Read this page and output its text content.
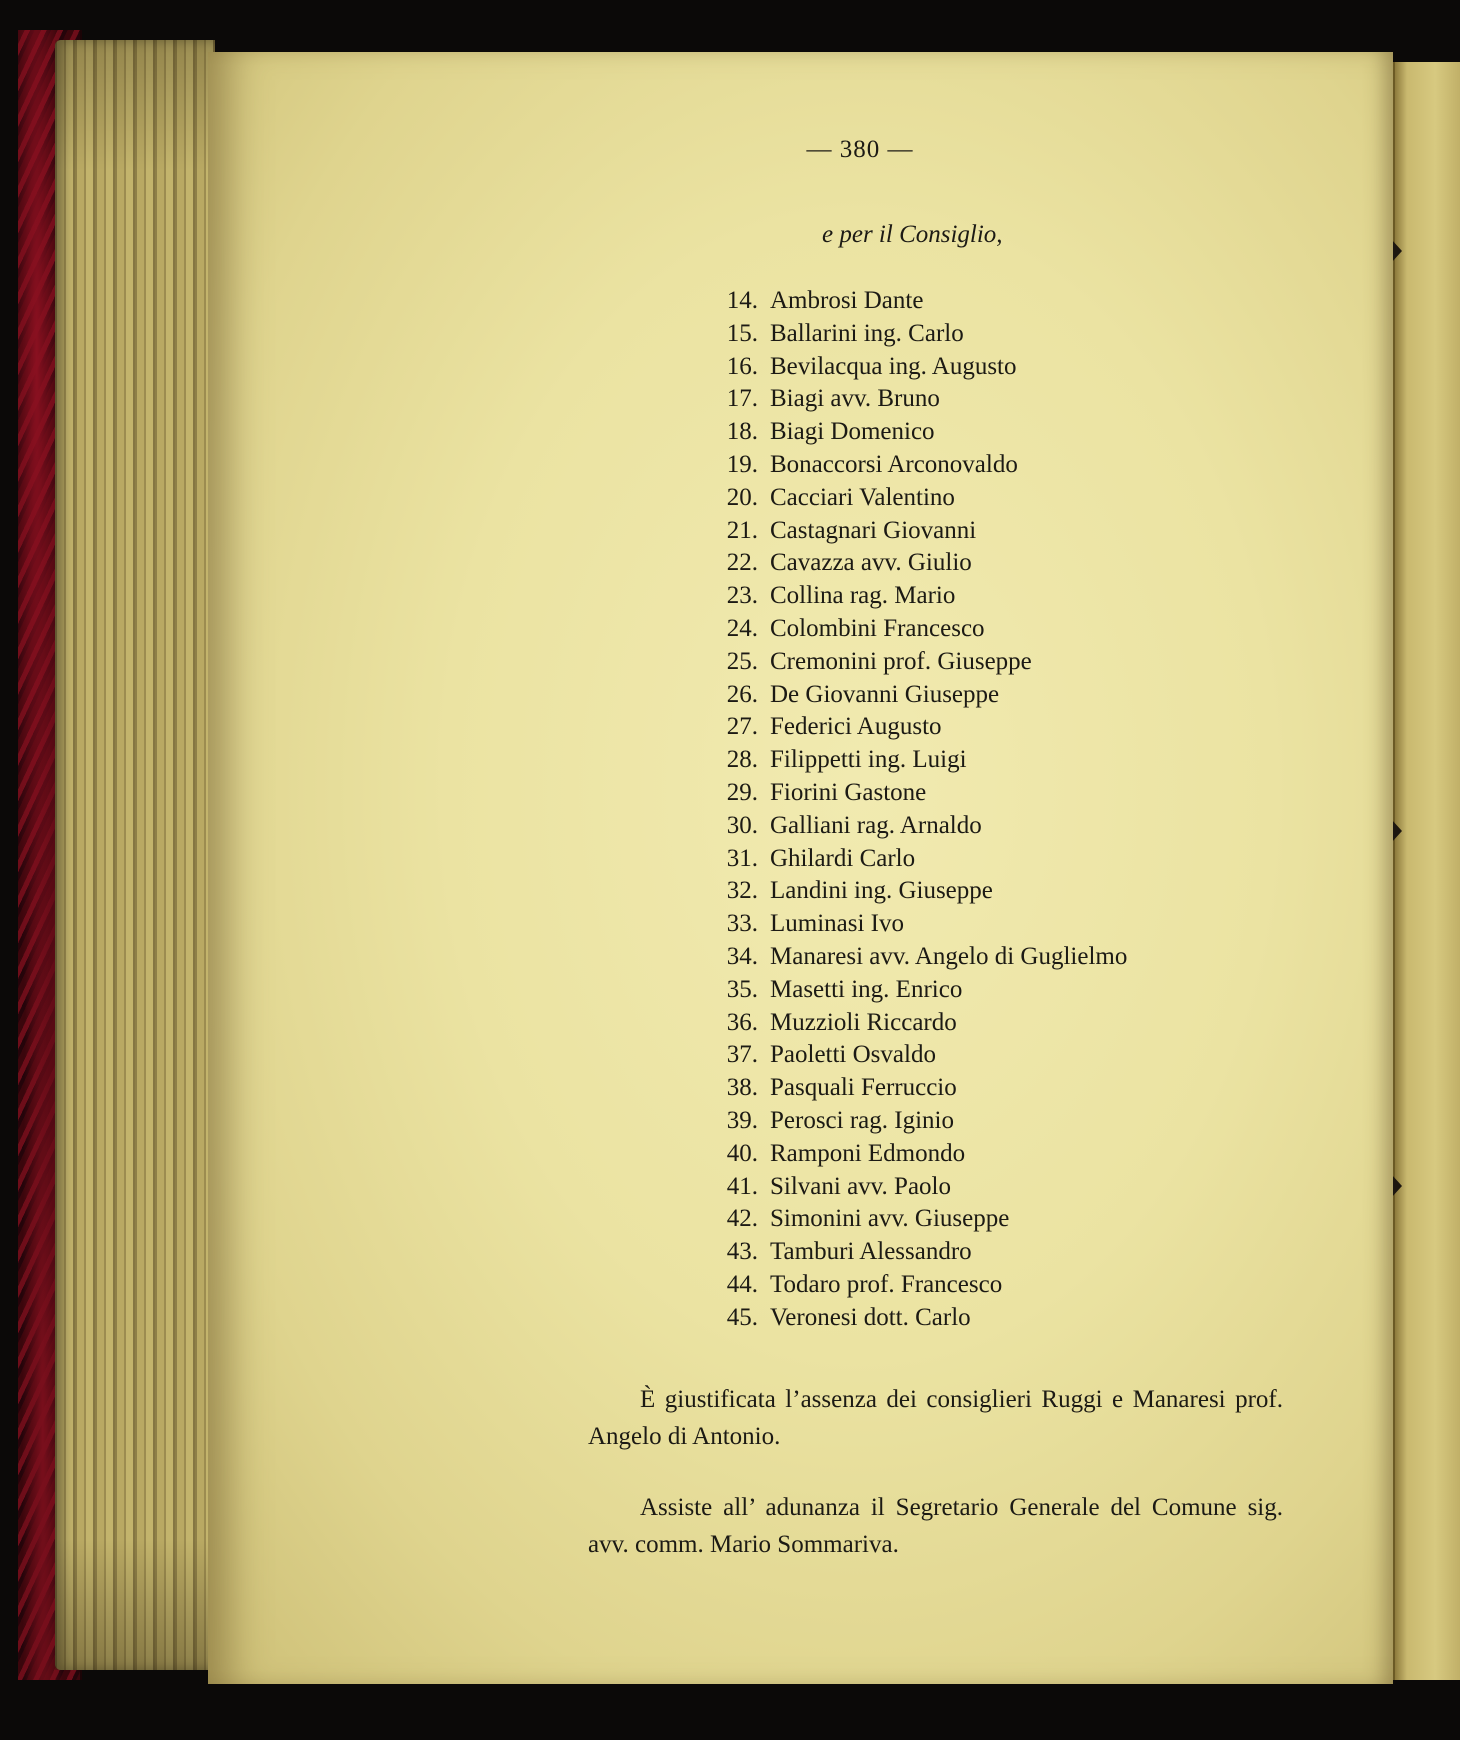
— 380 —
e per il Consiglio,
14. Ambrosi Dante
15. Ballarini ing. Carlo
16. Bevilacqua ing. Augusto
17. Biagi avv. Bruno
18. Biagi Domenico
19. Bonaccorsi Arconovaldo
20. Cacciari Valentino
21. Castagnari Giovanni
22. Cavazza avv. Giulio
23. Collina rag. Mario
24. Colombini Francesco
25. Cremonini prof. Giuseppe
26. De Giovanni Giuseppe
27. Federici Augusto
28. Filippetti ing. Luigi
29. Fiorini Gastone
30. Galliani rag. Arnaldo
31. Ghilardi Carlo
32. Landini ing. Giuseppe
33. Luminasi Ivo
34. Manaresi avv. Angelo di Guglielmo
35. Masetti ing. Enrico
36. Muzzioli Riccardo
37. Paoletti Osvaldo
38. Pasquali Ferruccio
39. Perosci rag. Iginio
40. Ramponi Edmondo
41. Silvani avv. Paolo
42. Simonini avv. Giuseppe
43. Tamburi Alessandro
44. Todaro prof. Francesco
45. Veronesi dott. Carlo

È giustificata l’assenza dei consiglieri Ruggi e Manaresi prof. Angelo di Antonio.

Assiste all’ adunanza il Segretario Generale del Comune sig. avv. comm. Mario Sommariva.
